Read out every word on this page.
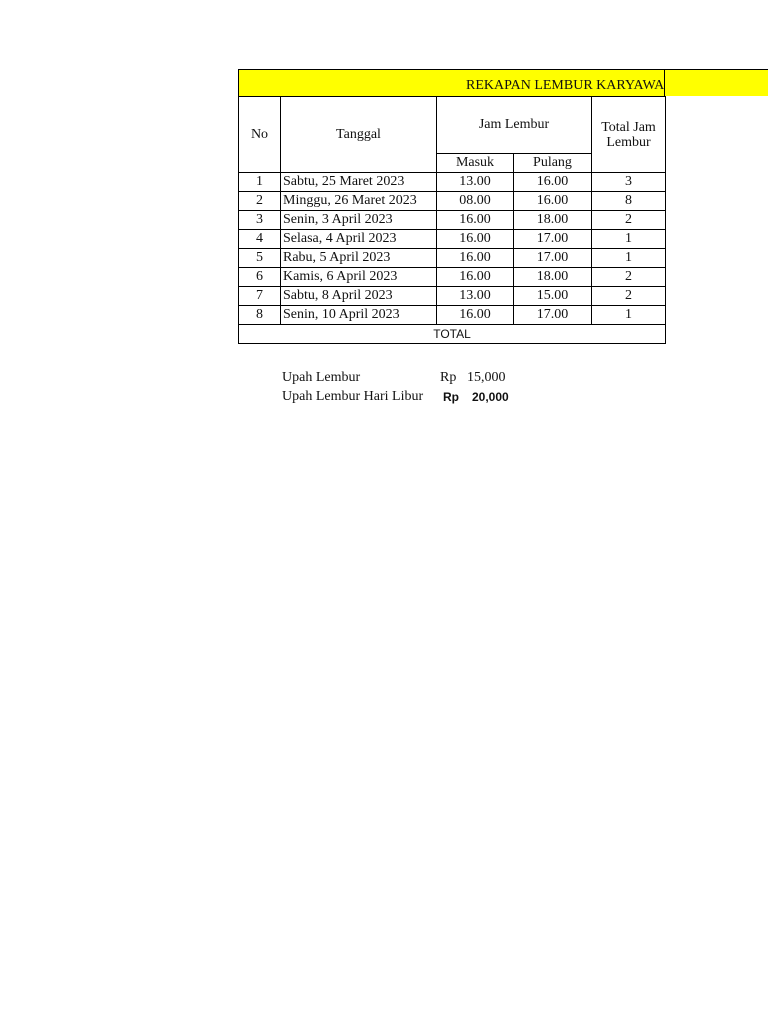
REKAPAN LEMBUR KARYAWA
No	Tanggal	Jam Lembur		Total Jam Lembur
		Masuk	Pulang	
1	Sabtu, 25 Maret 2023	13.00	16.00	3
2	Minggu, 26 Maret 2023	08.00	16.00	8
3	Senin, 3 April 2023	16.00	18.00	2
4	Selasa, 4 April 2023	16.00	17.00	1
5	Rabu, 5 April 2023	16.00	17.00	1
6	Kamis, 6 April 2023	16.00	18.00	2
7	Sabtu, 8 April 2023	13.00	15.00	2
8	Senin, 10 April 2023	16.00	17.00	1
TOTAL				
Upah Lembur	Rp 15,000
Upah Lembur Hari Libur Rp 20,000
